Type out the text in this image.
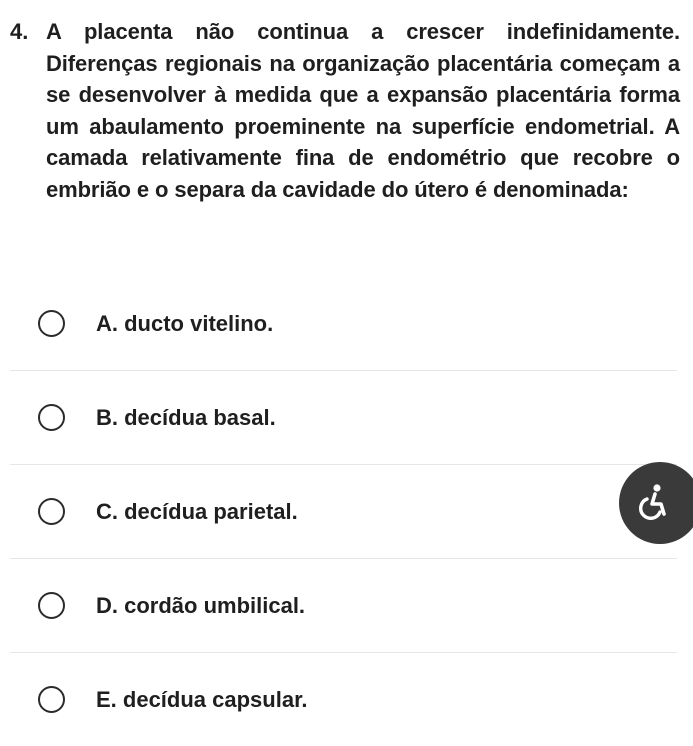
4. A placenta não continua a crescer indefinidamente. Diferenças regionais na organização placentária começam a se desenvolver à medida que a expansão placentária forma um abaulamento proeminente na superfície endometrial. A camada relativamente fina de endométrio que recobre o embrião e o separa da cavidade do útero é denominada:
A. ducto vitelino.
B. decídua basal.
C. decídua parietal.
D. cordão umbilical.
E. decídua capsular.
